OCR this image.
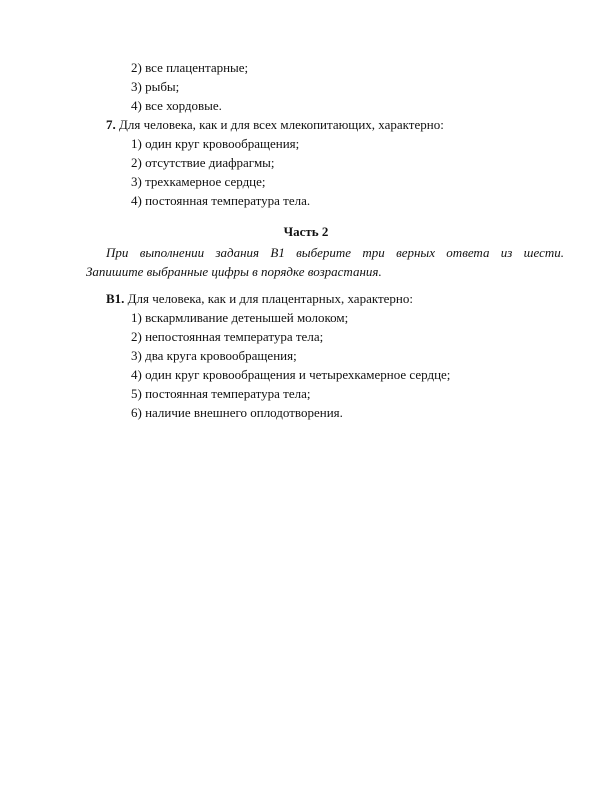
2) все плацентарные;
3) рыбы;
4) все хордовые.
7. Для человека, как и для всех млекопитающих, характерно:
1) один круг кровообращения;
2) отсутствие диафрагмы;
3) трехкамерное сердце;
4) постоянная температура тела.
Часть 2
При выполнении задания В1 выберите три верных ответа из шести.
Запишите выбранные цифры в порядке возрастания.
В1. Для человека, как и для плацентарных, характерно:
1) вскармливание детенышей молоком;
2) непостоянная температура тела;
3) два круга кровообращения;
4) один круг кровообращения и четырехкамерное сердце;
5) постоянная температура тела;
6) наличие внешнего оплодотворения.
